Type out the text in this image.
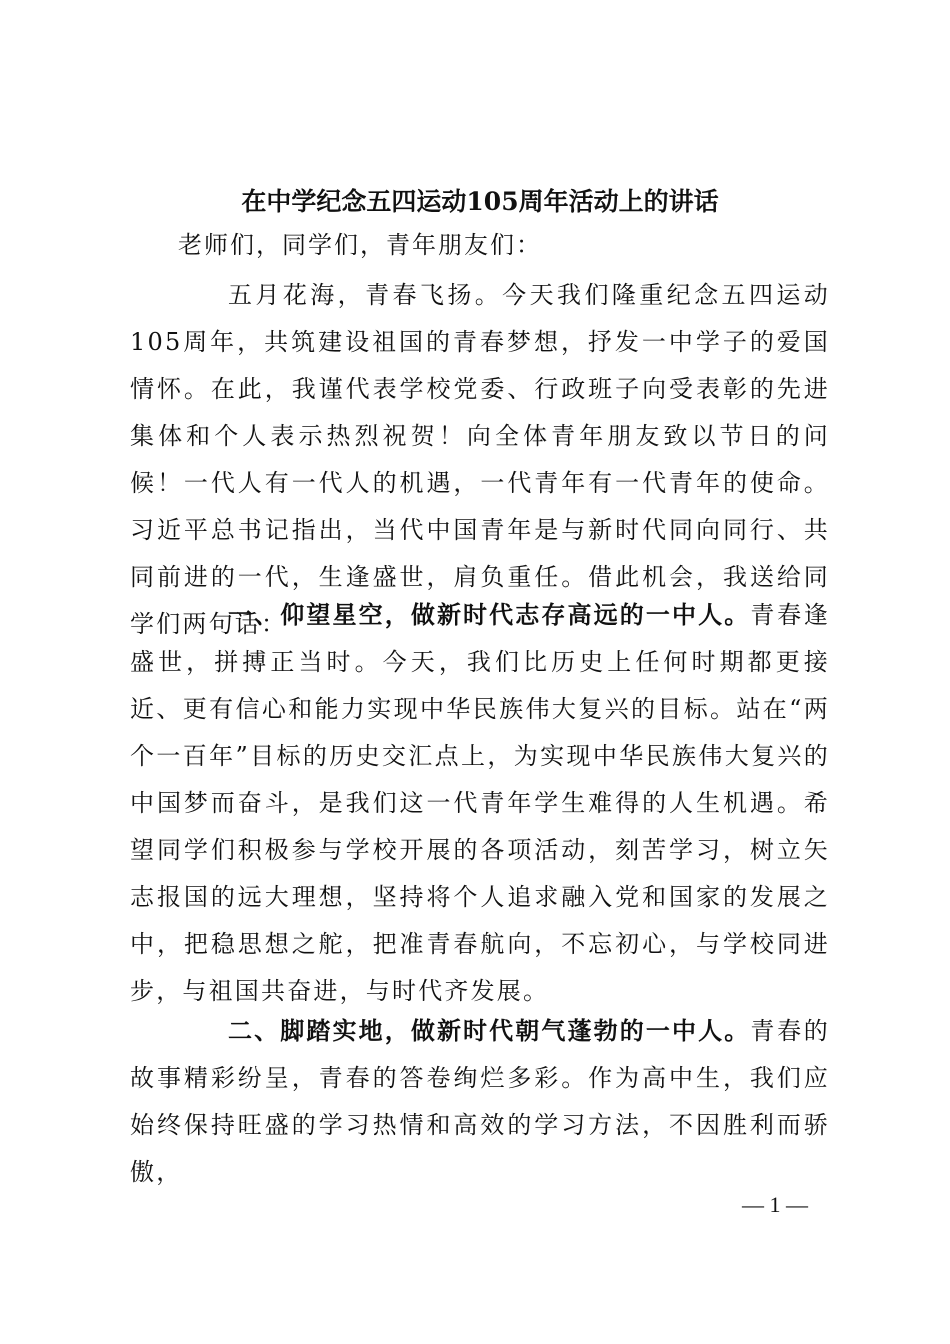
在中学纪念五四运动105周年活动上的讲话
老师们，同学们，青年朋友们：

五月花海，青春飞扬。今天我们隆重纪念五四运动105周年，共筑建设祖国的青春梦想，抒发一中学子的爱国情怀。在此，我谨代表学校党委、行政班子向受表彰的先进集体和个人表示热烈祝贺！向全体青年朋友致以节日的问候！一代人有一代人的机遇，一代青年有一代青年的使命。习近平总书记指出，当代中国青年是与新时代同向同行、共同前进的一代，生逢盛世，肩负重任。借此机会，我送给同学们两句话：

一、仰望星空，做新时代志存高远的一中人。青春逢盛世，拼搏正当时。今天，我们比历史上任何时期都更接近、更有信心和能力实现中华民族伟大复兴的目标。站在“两个一百年”目标的历史交汇点上，为实现中华民族伟大复兴的中国梦而奋斗，是我们这一代青年学生难得的人生机遇。希望同学们积极参与学校开展的各项活动，刻苦学习，树立矢志报国的远大理想，坚持将个人追求融入党和国家的发展之中，把稳思想之舵，把准青春航向，不忘初心，与学校同进步，与祖国共奋进，与时代齐发展。

二、脚踏实地，做新时代朝气蓬勃的一中人。青春的故事精彩纷呈，青春的答卷绚烂多彩。作为高中生，我们应始终保持旺盛的学习热情和高效的学习方法，不因胜利而骄傲，

— 1 —
